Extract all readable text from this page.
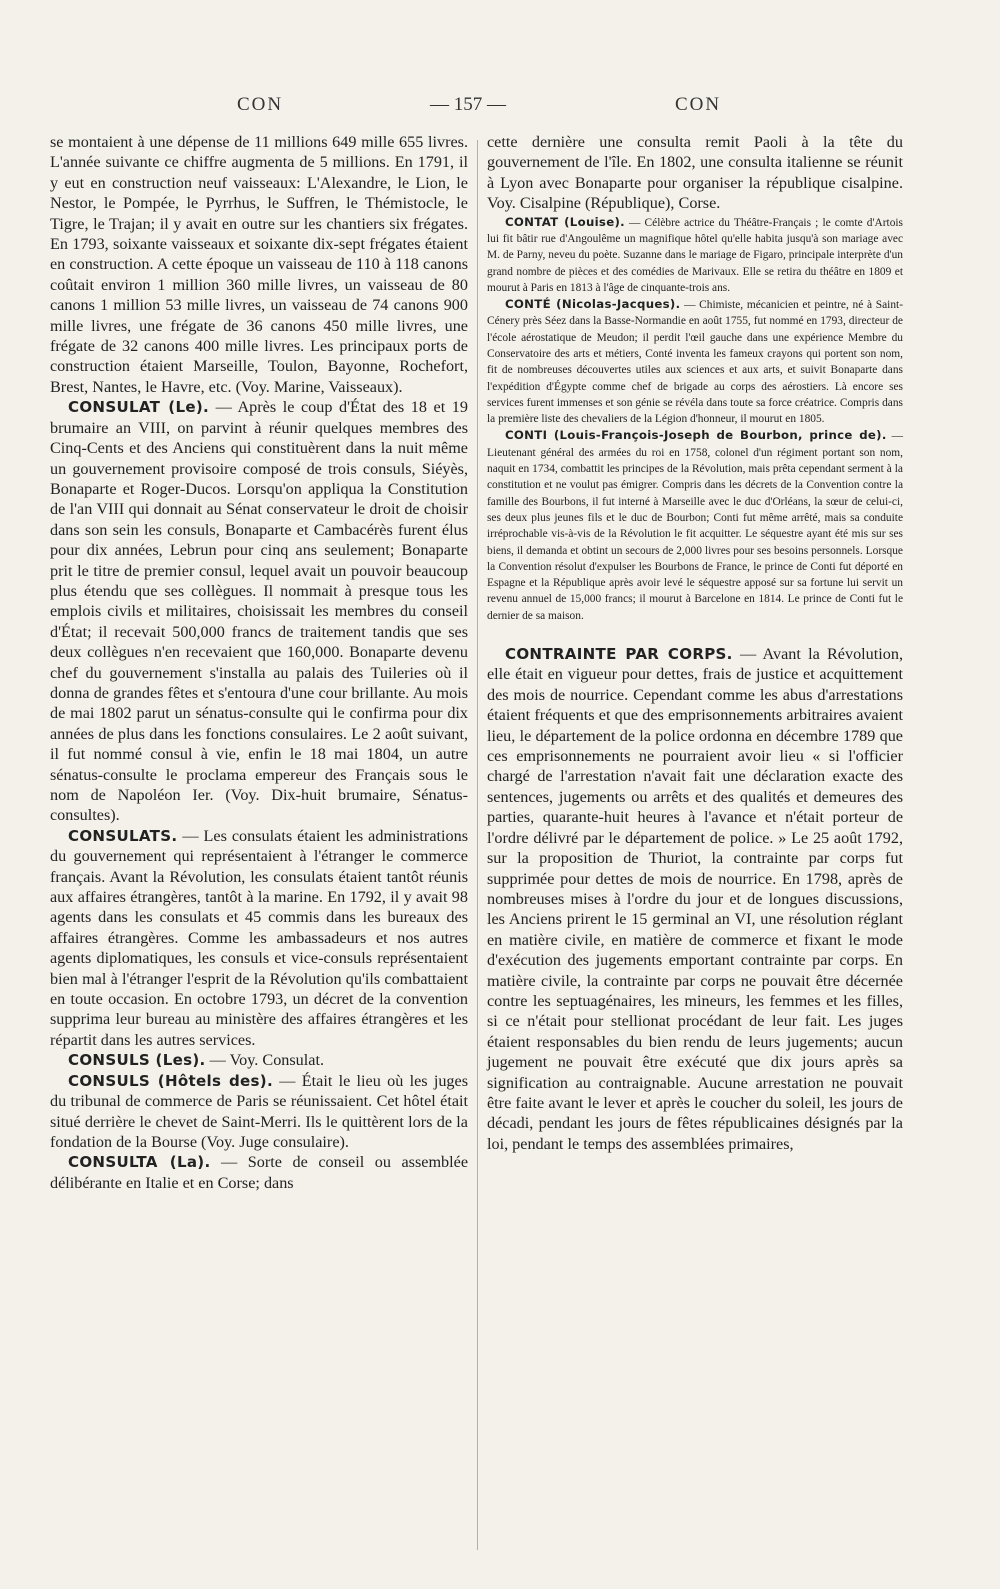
CON	— 157 —	CON

se montaient à une dépense de 11 millions 649 mille 655 livres. L'année suivante ce chiffre augmenta de 5 millions. En 1791, il y eut en construction neuf vaisseaux: L'Alexandre, le Lion, le Nestor, le Pompée, le Pyrrhus, le Suffren, le Thémistocle, le Tigre, le Trajan; il y avait en outre sur les chantiers six frégates. En 1793, soixante vaisseaux et soixante dix-sept frégates étaient en construction. A cette époque un vaisseau de 110 à 118 canons coûtait environ 1 million 360 mille livres, un vaisseau de 80 canons 1 million 53 mille livres, un vaisseau de 74 canons 900 mille livres, une frégate de 36 canons 450 mille livres, une frégate de 32 canons 400 mille livres. Les principaux ports de construction étaient Marseille, Toulon, Bayonne, Rochefort, Brest, Nantes, le Havre, etc. (Voy. Marine, Vaisseaux).

CONSULAT (Le). — Après le coup d'État des 18 et 19 brumaire an VIII, on parvint à réunir quelques membres des Cinq-Cents et des Anciens qui constituèrent dans la nuit même un gouvernement provisoire composé de trois consuls, Siéyès, Bonaparte et Roger-Ducos. Lorsqu'on appliqua la Constitution de l'an VIII qui donnait au Sénat conservateur le droit de choisir dans son sein les consuls, Bonaparte et Cambacérès furent élus pour dix années, Lebrun pour cinq ans seulement; Bonaparte prit le titre de premier consul, lequel avait un pouvoir beaucoup plus étendu que ses collègues. Il nommait à presque tous les emplois civils et militaires, choisissait les membres du conseil d'État; il recevait 500,000 francs de traitement tandis que ses deux collègues n'en recevaient que 160,000. Bonaparte devenu chef du gouvernement s'installa au palais des Tuileries où il donna de grandes fêtes et s'entoura d'une cour brillante. Au mois de mai 1802 parut un sénatus-consulte qui le confirma pour dix années de plus dans les fonctions consulaires. Le 2 août suivant, il fut nommé consul à vie, enfin le 18 mai 1804, un autre sénatus-consulte le proclama empereur des Français sous le nom de Napoléon Ier. (Voy. Dix-huit brumaire, Sénatus-consultes).

CONSULATS. — Les consulats étaient les administrations du gouvernement qui représentaient à l'étranger le commerce français. Avant la Révolution, les consulats étaient tantôt réunis aux affaires étrangères, tantôt à la marine. En 1792, il y avait 98 agents dans les consulats et 45 commis dans les bureaux des affaires étrangères. Comme les ambassadeurs et nos autres agents diplomatiques, les consuls et vice-consuls représentaient bien mal à l'étranger l'esprit de la Révolution qu'ils combattaient en toute occasion. En octobre 1793, un décret de la convention supprima leur bureau au ministère des affaires étrangères et les répartit dans les autres services.

CONSULS (Les). — Voy. Consulat.

CONSULS (Hôtels des). — Était le lieu où les juges du tribunal de commerce de Paris se réunissaient. Cet hôtel était situé derrière le chevet de Saint-Merri. Ils le quittèrent lors de la fondation de la Bourse (Voy. Juge consulaire).

CONSULTA (La). — Sorte de conseil ou assemblée délibérante en Italie et en Corse; dans

cette dernière une consulta remit Paoli à la tête du gouvernement de l'île. En 1802, une consulta italienne se réunit à Lyon avec Bonaparte pour organiser la république cisalpine. Voy. Cisalpine (République), Corse.

CONTAT (Louise). — Célèbre actrice du Théâtre-Français ; le comte d'Artois lui fit bâtir rue d'Angoulême un magnifique hôtel qu'elle habita jusqu'à son mariage avec M. de Parny, neveu du poète. Suzanne dans le mariage de Figaro, principale interprète d'un grand nombre de pièces et des comédies de Marivaux. Elle se retira du théâtre en 1809 et mourut à Paris en 1813 à l'âge de cinquante-trois ans.

CONTÉ (Nicolas-Jacques). — Chimiste, mécanicien et peintre, né à Saint-Cénery près Séez dans la Basse-Normandie en août 1755, fut nommé en 1793, directeur de l'école aérostatique de Meudon; il perdit l'œil gauche dans une expérience Membre du Conservatoire des arts et métiers, Conté inventa les fameux crayons qui portent son nom, fit de nombreuses découvertes utiles aux sciences et aux arts, et suivit Bonaparte dans l'expédition d'Égypte comme chef de brigade au corps des aérostiers. Là encore ses services furent immenses et son génie se révéla dans toute sa force créatrice. Compris dans la première liste des chevaliers de la Légion d'honneur, il mourut en 1805.

CONTI (Louis-François-Joseph de Bourbon, prince de). — Lieutenant général des armées du roi en 1758, colonel d'un régiment portant son nom, naquit en 1734, combattit les principes de la Révolution, mais prêta cependant serment à la constitution et ne voulut pas émigrer. Compris dans les décrets de la Convention contre la famille des Bourbons, il fut interné à Marseille avec le duc d'Orléans, la sœur de celui-ci, ses deux plus jeunes fils et le duc de Bourbon; Conti fut même arrêté, mais sa conduite irréprochable vis-à-vis de la Révolution le fit acquitter. Le séquestre ayant été mis sur ses biens, il demanda et obtint un secours de 2,000 livres pour ses besoins personnels. Lorsque la Convention résolut d'expulser les Bourbons de France, le prince de Conti fut déporté en Espagne et la République après avoir levé le séquestre apposé sur sa fortune lui servit un revenu annuel de 15,000 francs; il mourut à Barcelone en 1814. Le prince de Conti fut le dernier de sa maison.

CONTRAINTE PAR CORPS. — Avant la Révolution, elle était en vigueur pour dettes, frais de justice et acquittement des mois de nourrice. Cependant comme les abus d'arrestations étaient fréquents et que des emprisonnements arbitraires avaient lieu, le département de la police ordonna en décembre 1789 que ces emprisonnements ne pourraient avoir lieu « si l'officier chargé de l'arrestation n'avait fait une déclaration exacte des sentences, jugements ou arrêts et des qualités et demeures des parties, quarante-huit heures à l'avance et n'était porteur de l'ordre délivré par le département de police. » Le 25 août 1792, sur la proposition de Thuriot, la contrainte par corps fut supprimée pour dettes de mois de nourrice. En 1798, après de nombreuses mises à l'ordre du jour et de longues discussions, les Anciens prirent le 15 germinal an VI, une résolution réglant en matière civile, en matière de commerce et fixant le mode d'exécution des jugements emportant contrainte par corps. En matière civile, la contrainte par corps ne pouvait être décernée contre les septuagénaires, les mineurs, les femmes et les filles, si ce n'était pour stellionat procédant de leur fait. Les juges étaient responsables du bien rendu de leurs jugements; aucun jugement ne pouvait être exécuté que dix jours après sa signification au contraignable. Aucune arrestation ne pouvait être faite avant le lever et après le coucher du soleil, les jours de décadi, pendant les jours de fêtes républicaines désignés par la loi, pendant le temps des assemblées primaires,
